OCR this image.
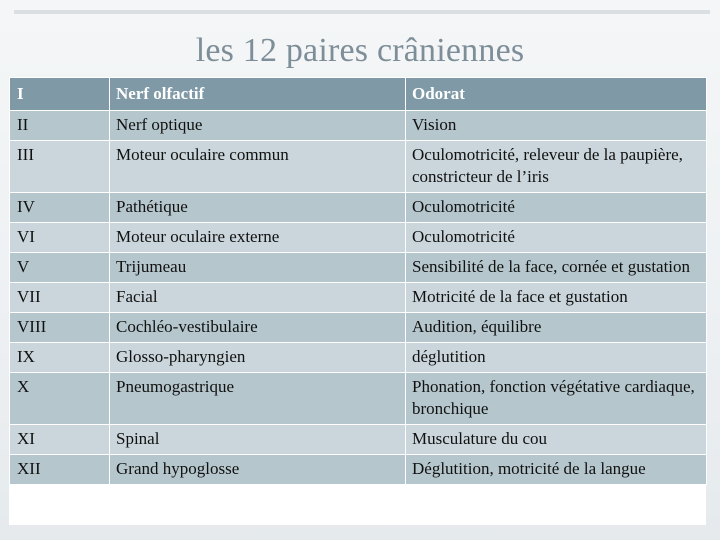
les 12 paires crâniennes
I	Nerf olfactif	Odorat
II	Nerf optique	Vision
III	Moteur oculaire commun	Oculomotricité, releveur de la paupière, constricteur de l’iris
IV	Pathétique	Oculomotricité
VI	Moteur oculaire externe	Oculomotricité
V	Trijumeau	Sensibilité de la face, cornée et gustation
VII	Facial	Motricité de la face et gustation
VIII	Cochléo-vestibulaire	Audition, équilibre
IX	Glosso-pharyngien	déglutition
X	Pneumogastrique	Phonation, fonction végétative cardiaque, bronchique
XI	Spinal	Musculature du cou
XII	Grand hypoglosse	Déglutition, motricité de la langue
